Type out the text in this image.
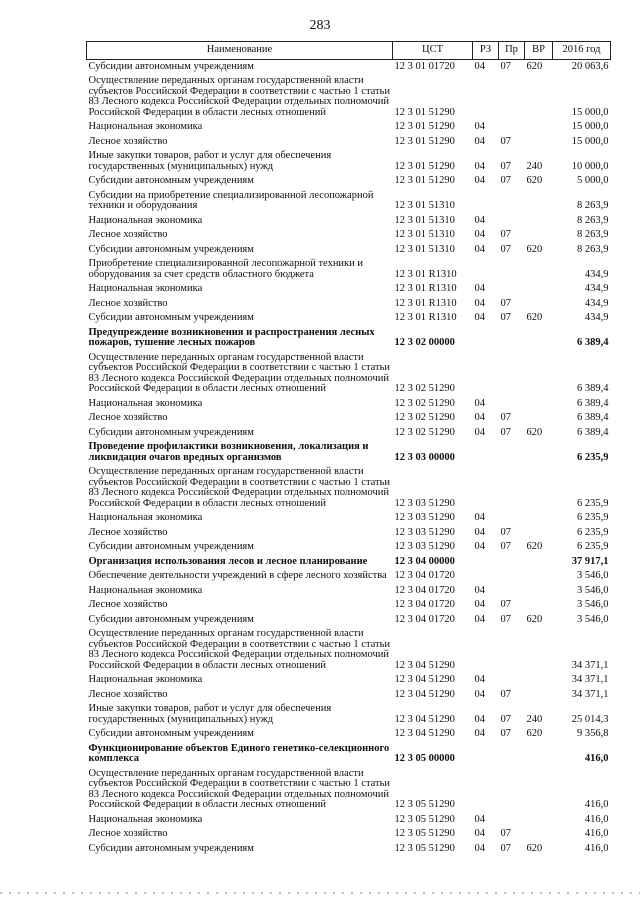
283
Наименование	ЦСТ	РЗ	Пр	ВР	2016 год
Субсидии автономным учреждениям	12 3 01 01720	04	07	620	20 063,6
Осуществление переданных органам государственной власти субъектов Российской Федерации в соответствии с частью 1 статьи 83 Лесного кодекса Российской Федерации отдельных полномочий Российской Федерации в области лесных отношений	12 3 01 51290				15 000,0
Национальная экономика	12 3 01 51290	04			15 000,0
Лесное хозяйство	12 3 01 51290	04	07		15 000,0
Иные закупки товаров, работ и услуг для обеспечения государственных (муниципальных) нужд	12 3 01 51290	04	07	240	10 000,0
Субсидии автономным учреждениям	12 3 01 51290	04	07	620	5 000,0
Субсидии на приобретение специализированной лесопожарной техники и оборудования	12 3 01 51310				8 263,9
Национальная экономика	12 3 01 51310	04			8 263,9
Лесное хозяйство	12 3 01 51310	04	07		8 263,9
Субсидии автономным учреждениям	12 3 01 51310	04	07	620	8 263,9
Приобретение специализированной лесопожарной техники и оборудования за счет средств областного бюджета	12 3 01 R1310				434,9
Национальная экономика	12 3 01 R1310	04			434,9
Лесное хозяйство	12 3 01 R1310	04	07		434,9
Субсидии автономным учреждениям	12 3 01 R1310	04	07	620	434,9
Предупреждение возникновения и распространения лесных пожаров, тушение лесных пожаров	12 3 02 00000				6 389,4
Осуществление переданных органам государственной власти субъектов Российской Федерации в соответствии с частью 1 статьи 83 Лесного кодекса Российской Федерации отдельных полномочий Российской Федерации в области лесных отношений	12 3 02 51290				6 389,4
Национальная экономика	12 3 02 51290	04			6 389,4
Лесное хозяйство	12 3 02 51290	04	07		6 389,4
Субсидии автономным учреждениям	12 3 02 51290	04	07	620	6 389,4
Проведение профилактики возникновения, локализация и ликвидация очагов вредных организмов	12 3 03 00000				6 235,9
Осуществление переданных органам государственной власти субъектов Российской Федерации в соответствии с частью 1 статьи 83 Лесного кодекса Российской Федерации отдельных полномочий Российской Федерации в области лесных отношений	12 3 03 51290				6 235,9
Национальная экономика	12 3 03 51290	04			6 235,9
Лесное хозяйство	12 3 03 51290	04	07		6 235,9
Субсидии автономным учреждениям	12 3 03 51290	04	07	620	6 235,9
Организация использования лесов и лесное планирование	12 3 04 00000				37 917,1
Обеспечение деятельности учреждений в сфере лесного хозяйства	12 3 04 01720				3 546,0
Национальная экономика	12 3 04 01720	04			3 546,0
Лесное хозяйство	12 3 04 01720	04	07		3 546,0
Субсидии автономным учреждениям	12 3 04 01720	04	07	620	3 546,0
Осуществление переданных органам государственной власти субъектов Российской Федерации в соответствии с частью 1 статьи 83 Лесного кодекса Российской Федерации отдельных полномочий Российской Федерации в области лесных отношений	12 3 04 51290				34 371,1
Национальная экономика	12 3 04 51290	04			34 371,1
Лесное хозяйство	12 3 04 51290	04	07		34 371,1
Иные закупки товаров, работ и услуг для обеспечения государственных (муниципальных) нужд	12 3 04 51290	04	07	240	25 014,3
Субсидии автономным учреждениям	12 3 04 51290	04	07	620	9 356,8
Функционирование объектов Единого генетико-селекционного комплекса	12 3 05 00000				416,0
Осуществление переданных органам государственной власти субъектов Российской Федерации в соответствии с частью 1 статьи 83 Лесного кодекса Российской Федерации отдельных полномочий Российской Федерации в области лесных отношений	12 3 05 51290				416,0
Национальная экономика	12 3 05 51290	04			416,0
Лесное хозяйство	12 3 05 51290	04	07		416,0
Субсидии автономным учреждениям	12 3 05 51290	04	07	620	416,0
